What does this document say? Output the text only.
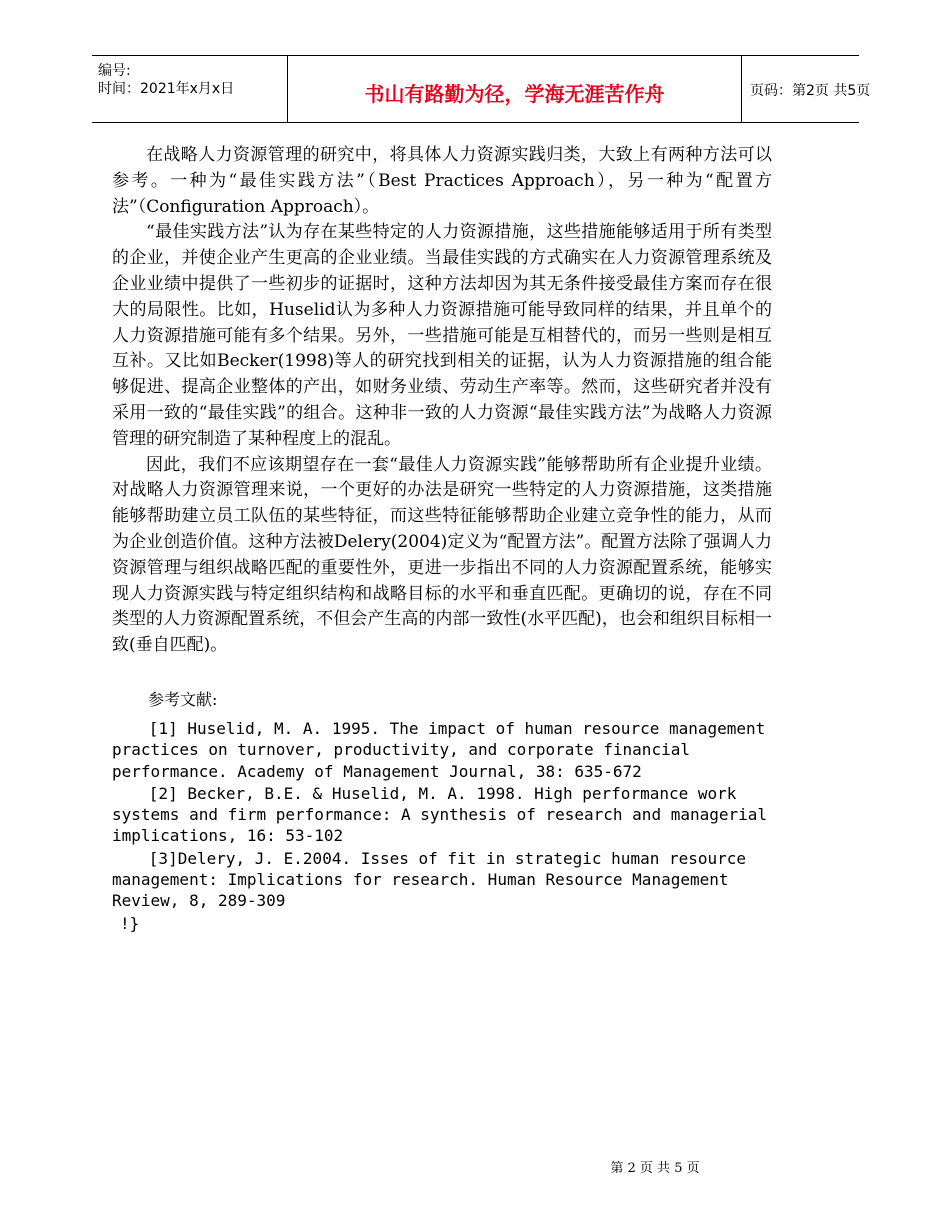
编号:
时间：2021年x月x日	书山有路勤为径，学海无涯苦作舟	页码：第2页 共5页

在战略人力资源管理的研究中，将具体人力资源实践归类，大致上有两种方法可以参考。一种为“最佳实践方法”（Best Practices Approach），另一种为“配置方法”（Configuration Approach）。

“最佳实践方法”认为存在某些特定的人力资源措施，这些措施能够适用于所有类型的企业，并使企业产生更高的企业业绩。当最佳实践的方式确实在人力资源管理系统及企业业绩中提供了一些初步的证据时，这种方法却因为其无条件接受最佳方案而存在很大的局限性。比如，Huselid认为多种人力资源措施可能导致同样的结果，并且单个的人力资源措施可能有多个结果。另外，一些措施可能是互相替代的，而另一些则是相互互补。又比如Becker(1998)等人的研究找到相关的证据，认为人力资源措施的组合能够促进、提高企业整体的产出，如财务业绩、劳动生产率等。然而，这些研究者并没有采用一致的“最佳实践”的组合。这种非一致的人力资源“最佳实践方法”为战略人力资源管理的研究制造了某种程度上的混乱。

因此，我们不应该期望存在一套“最佳人力资源实践”能够帮助所有企业提升业绩。对战略人力资源管理来说，一个更好的办法是研究一些特定的人力资源措施，这类措施能够帮助建立员工队伍的某些特征，而这些特征能够帮助企业建立竞争性的能力，从而为企业创造价值。这种方法被Delery(2004)定义为“配置方法”。配置方法除了强调人力资源管理与组织战略匹配的重要性外，更进一步指出不同的人力资源配置系统，能够实现人力资源实践与特定组织结构和战略目标的水平和垂直匹配。更确切的说，存在不同类型的人力资源配置系统，不但会产生高的内部一致性(水平匹配)，也会和组织目标相一致(垂自匹配)。

参考文献:

[1] Huselid, M. A. 1995. The impact of human resource management practices on turnover, productivity, and corporate financial performance. Academy of Management Journal, 38: 635-672

[2] Becker, B.E. & Huselid, M. A. 1998. High performance work systems and firm performance: A synthesis of research and managerial implications, 16: 53-102

[3]Delery, J. E.2004. Isses of fit in strategic human resource management: Implications for research. Human Resource Management Review, 8, 289-309

!}
第 2 页 共 5 页
